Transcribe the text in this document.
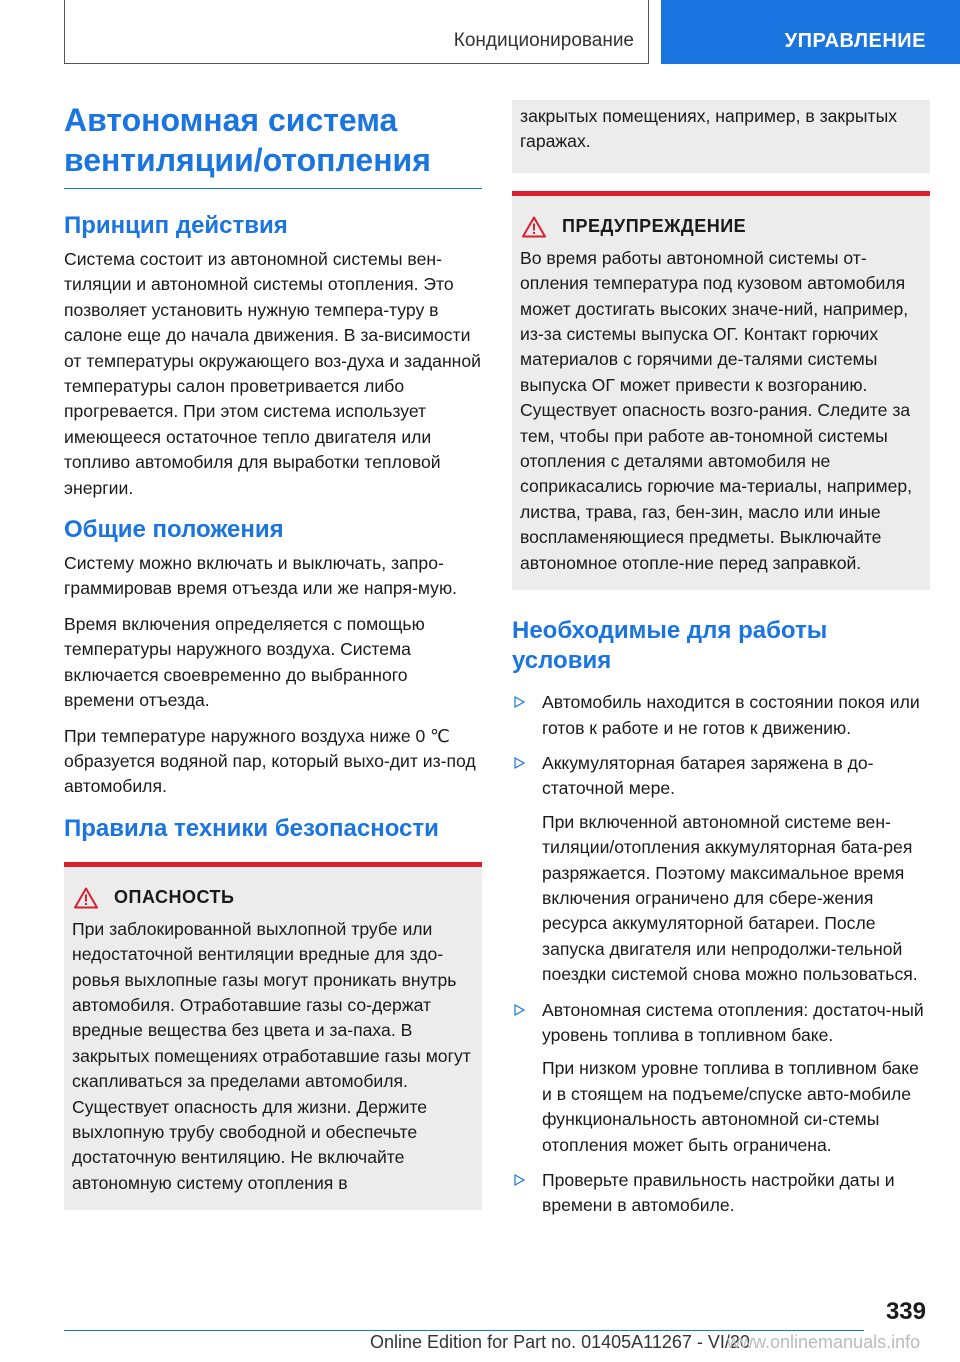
Кондиционирование	УПРАВЛЕНИЕ
Автономная система
вентиляции/отопления
Принцип действия

Система состоит из автономной системы вен-тиляции и автономной системы отопления. Это позволяет установить нужную темпера-туру в салоне еще до начала движения. В за-висимости от температуры окружающего воз-духа и заданной температуры салон проветривается либо прогревается. При этом система использует имеющееся остаточное тепло двигателя или топливо автомобиля для выработки тепловой энергии.

Общие положения

Систему можно включать и выключать, запро-граммировав время отъезда или же напря-мую.

Время включения определяется с помощью температуры наружного воздуха. Система включается своевременно до выбранного времени отъезда.

При температуре наружного воздуха ниже 0 ℃ образуется водяной пар, который выхо-дит из-под автомобиля.

Правила техники безопасности
ОПАСНОСТЬ
При заблокированной выхлопной трубе или недостаточной вентиляции вредные для здо-ровья выхлопные газы могут проникать внутрь автомобиля. Отработавшие газы со-держат вредные вещества без цвета и за-паха. В закрытых помещениях отработавшие газы могут скапливаться за пределами автомобиля. Существует опасность для жизни. Держите выхлопную трубу свободной и обеспечьте достаточную вентиляцию. Не включайте автономную систему отопления в
закрытых помещениях, например, в закрытых гаражах.
ПРЕДУПРЕЖДЕНИЕ
Во время работы автономной системы от-опления температура под кузовом автомобиля может достигать высоких значе-ний, например, из-за системы выпуска ОГ. Контакт горючих материалов с горячими де-талями системы выпуска ОГ может привести к возгоранию. Существует опасность возго-рания. Следите за тем, чтобы при работе ав-тономной системы отопления с деталями автомобиля не соприкасались горючие ма-териалы, например, листва, трава, газ, бен-зин, масло или иные воспламеняющиеся предметы. Выключайте автономное отопле-ние перед заправкой.
Необходимые для работы условия
Автомобиль находится в состоянии покоя или готов к работе и не готов к движению.
Аккумуляторная батарея заряжена в до-статочной мере.
При включенной автономной системе вен-тиляции/отопления аккумуляторная бата-рея разряжается. Поэтому максимальное время включения ограничено для сбере-жения ресурса аккумуляторной батареи. После запуска двигателя или непродолжи-тельной поездки системой снова можно пользоваться.
Автономная система отопления: достаточ-ный уровень топлива в топливном баке.
При низком уровне топлива в топливном баке и в стоящем на подъеме/спуске авто-мобиле функциональность автономной си-стемы отопления может быть ограничена.
Проверьте правильность настройки даты и времени в автомобиле.
339
Online Edition for Part no. 01405A11267 - VI/20
www.onlinemanuals.info
